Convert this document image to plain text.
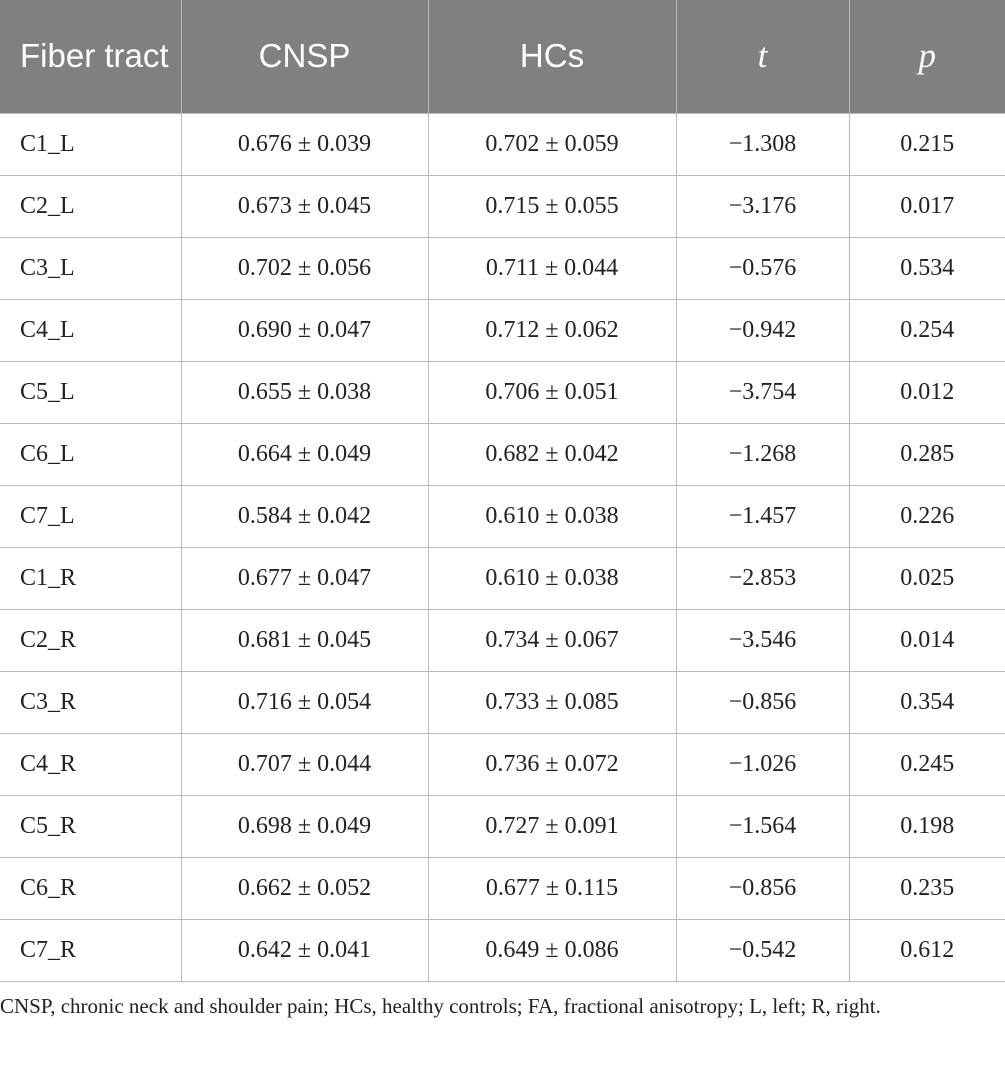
Fiber tract	CNSP	HCs	t	p
C1_L	0.676 ± 0.039	0.702 ± 0.059	−1.308	0.215
C2_L	0.673 ± 0.045	0.715 ± 0.055	−3.176	0.017
C3_L	0.702 ± 0.056	0.711 ± 0.044	−0.576	0.534
C4_L	0.690 ± 0.047	0.712 ± 0.062	−0.942	0.254
C5_L	0.655 ± 0.038	0.706 ± 0.051	−3.754	0.012
C6_L	0.664 ± 0.049	0.682 ± 0.042	−1.268	0.285
C7_L	0.584 ± 0.042	0.610 ± 0.038	−1.457	0.226
C1_R	0.677 ± 0.047	0.610 ± 0.038	−2.853	0.025
C2_R	0.681 ± 0.045	0.734 ± 0.067	−3.546	0.014
C3_R	0.716 ± 0.054	0.733 ± 0.085	−0.856	0.354
C4_R	0.707 ± 0.044	0.736 ± 0.072	−1.026	0.245
C5_R	0.698 ± 0.049	0.727 ± 0.091	−1.564	0.198
C6_R	0.662 ± 0.052	0.677 ± 0.115	−0.856	0.235
C7_R	0.642 ± 0.041	0.649 ± 0.086	−0.542	0.612
CNSP, chronic neck and shoulder pain; HCs, healthy controls; FA, fractional anisotropy; L, left; R, right.
